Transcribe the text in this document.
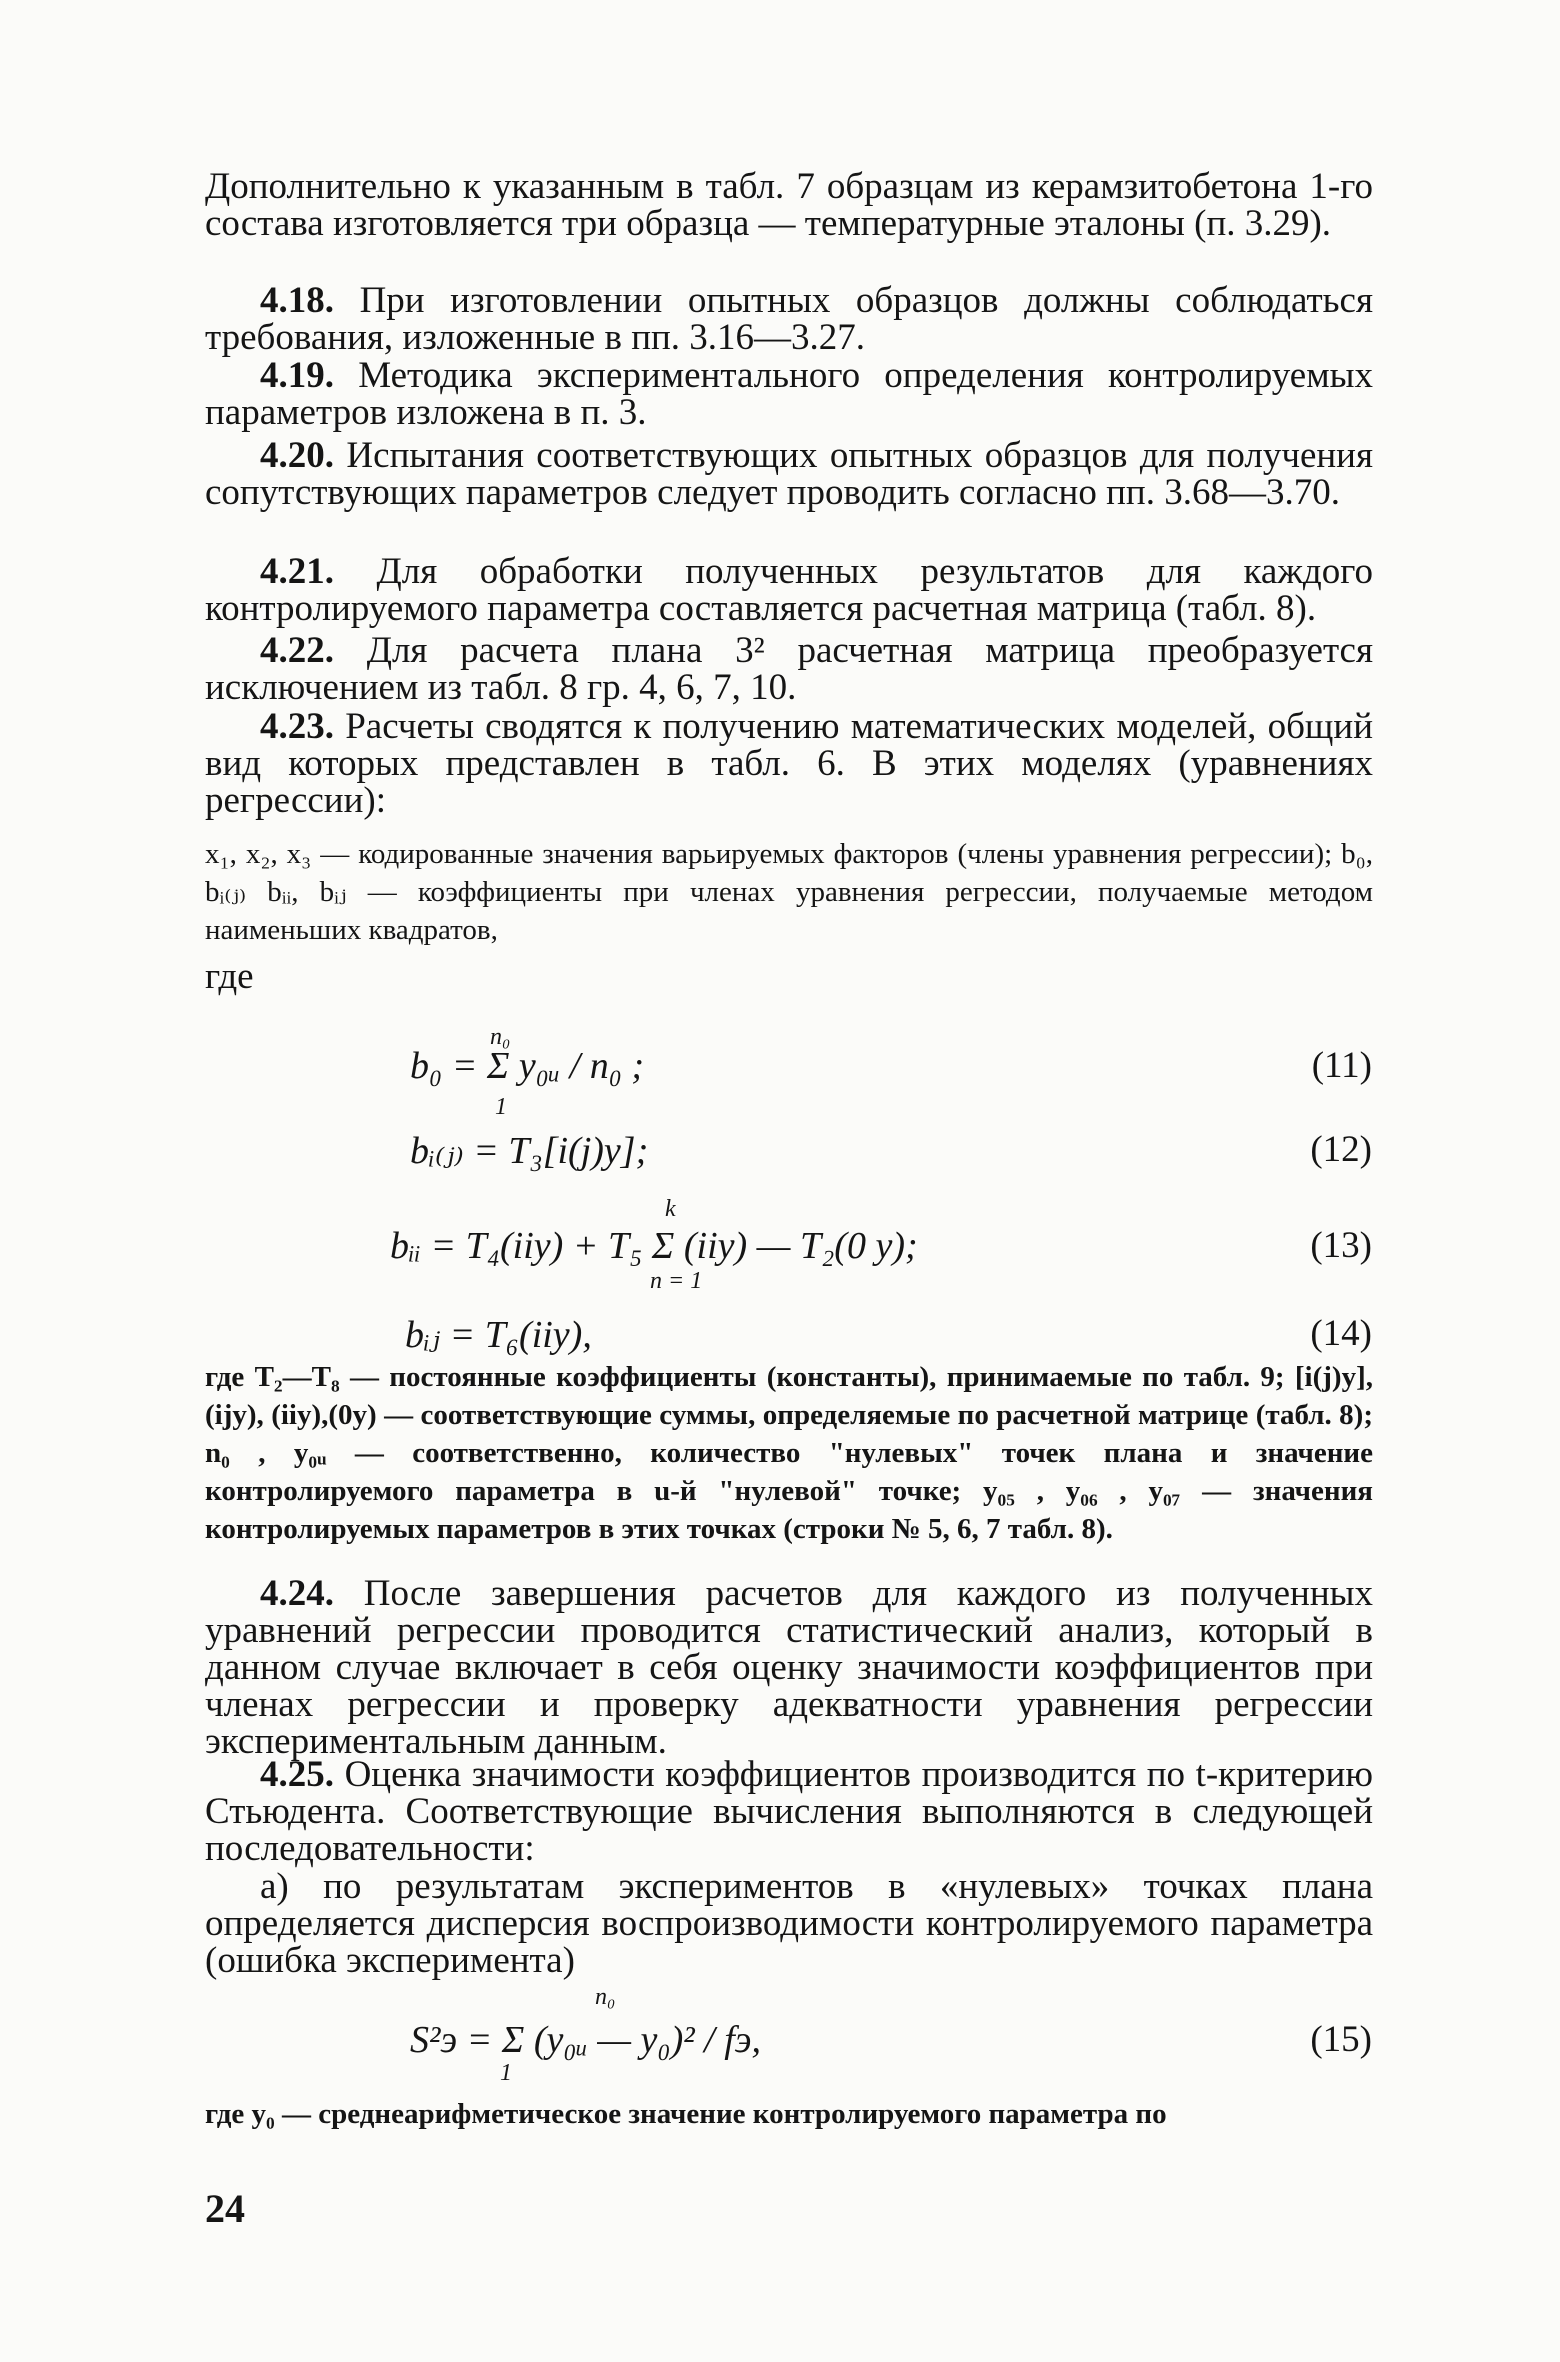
Дополнительно к указанным в табл. 7 образцам из керамзитобетона 1-го состава изготовляется три образца — температурные эталоны (п. 3.29).

4.18. При изготовлении опытных образцов должны соблюдаться требования, изложенные в пп. 3.16—3.27.

4.19. Методика экспериментального определения контролируемых параметров изложена в п. 3.

4.20. Испытания соответствующих опытных образцов для получения сопутствующих параметров следует проводить согласно пп. 3.68—3.70.

4.21. Для обработки полученных результатов для каждого контролируемого параметра составляется расчетная матрица (табл. 8).

4.22. Для расчета плана 3² расчетная матрица преобразуется исключением из табл. 8 гр. 4, 6, 7, 10.

4.23. Расчеты сводятся к получению математических моделей, общий вид которых представлен в табл. 6. В этих моделях (уравнениях регрессии):

x₁, x₂, x₃ — кодированные значения варьируемых факторов (члены уравнения регрессии); b₀, bᵢ₍ⱼ₎ bᵢᵢ, bᵢⱼ — коэффициенты при членах уравнения регрессии, получаемые методом наименьших квадратов,

где

n₀
b₀ = Σ y₀ᵤ / n₀ ;
1
(11)
bᵢ₍ⱼ₎ = T₃[i(j)y];	(12)
k
bᵢᵢ = T₄(iiy) + T₅ Σ (iiy) — T₂(0 y);
n = 1
(13)
bᵢⱼ = T₆(iiy),	(14)

где T₂—T₈ — постоянные коэффициенты (константы), принимаемые по табл. 9; [i(j)y], (ijy), (iiy),(0y) — соответствующие суммы, определяемые по расчетной матрице (табл. 8); n₀ , y₀ᵤ — соответственно, количество "нулевых" точек плана и значение контролируемого параметра в u-й "нулевой" точке; y₀₅ , y₀₆ , y₀₇ — значения контролируемых параметров в этих точках (строки № 5, 6, 7 табл. 8).

4.24. После завершения расчетов для каждого из полученных уравнений регрессии проводится статистический анализ, который в данном случае включает в себя оценку значимости коэффициентов при членах регрессии и проверку адекватности уравнения регрессии экспериментальным данным.

4.25. Оценка значимости коэффициентов производится по t-критерию Стьюдента. Соответствующие вычисления выполняются в следующей последовательности:

а) по результатам экспериментов в «нулевых» точках плана определяется дисперсия воспроизводимости контролируемого параметра (ошибка эксперимента)

n₀
S²э = Σ (y₀ᵤ — y₀)² / fэ,
1
(15)

где y₀ — среднеарифметическое значение контролируемого параметра по

24
